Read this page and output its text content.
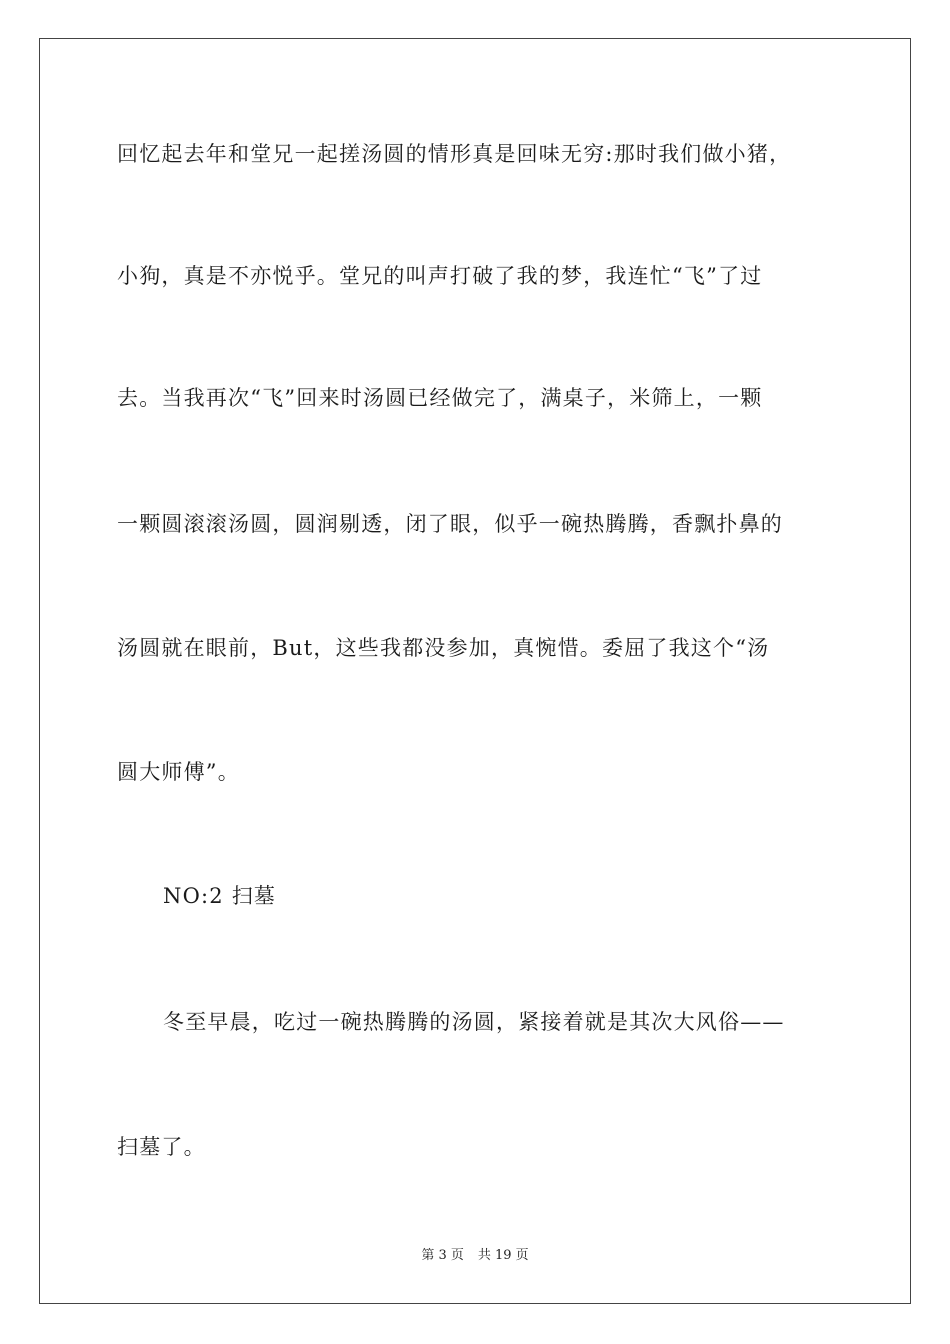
回忆起去年和堂兄一起搓汤圆的情形真是回味无穷:那时我们做小猪，
小狗，真是不亦悦乎。堂兄的叫声打破了我的梦，我连忙“飞”了过
去。当我再次“飞”回来时汤圆已经做完了，满桌子，米筛上，一颗
一颗圆滚滚汤圆，圆润剔透，闭了眼，似乎一碗热腾腾，香飘扑鼻的
汤圆就在眼前，But，这些我都没参加，真惋惜。委屈了我这个“汤
圆大师傅”。
NO:2 扫墓
冬至早晨，吃过一碗热腾腾的汤圆，紧接着就是其次大风俗——
扫墓了。
第 3 页 共 19 页
